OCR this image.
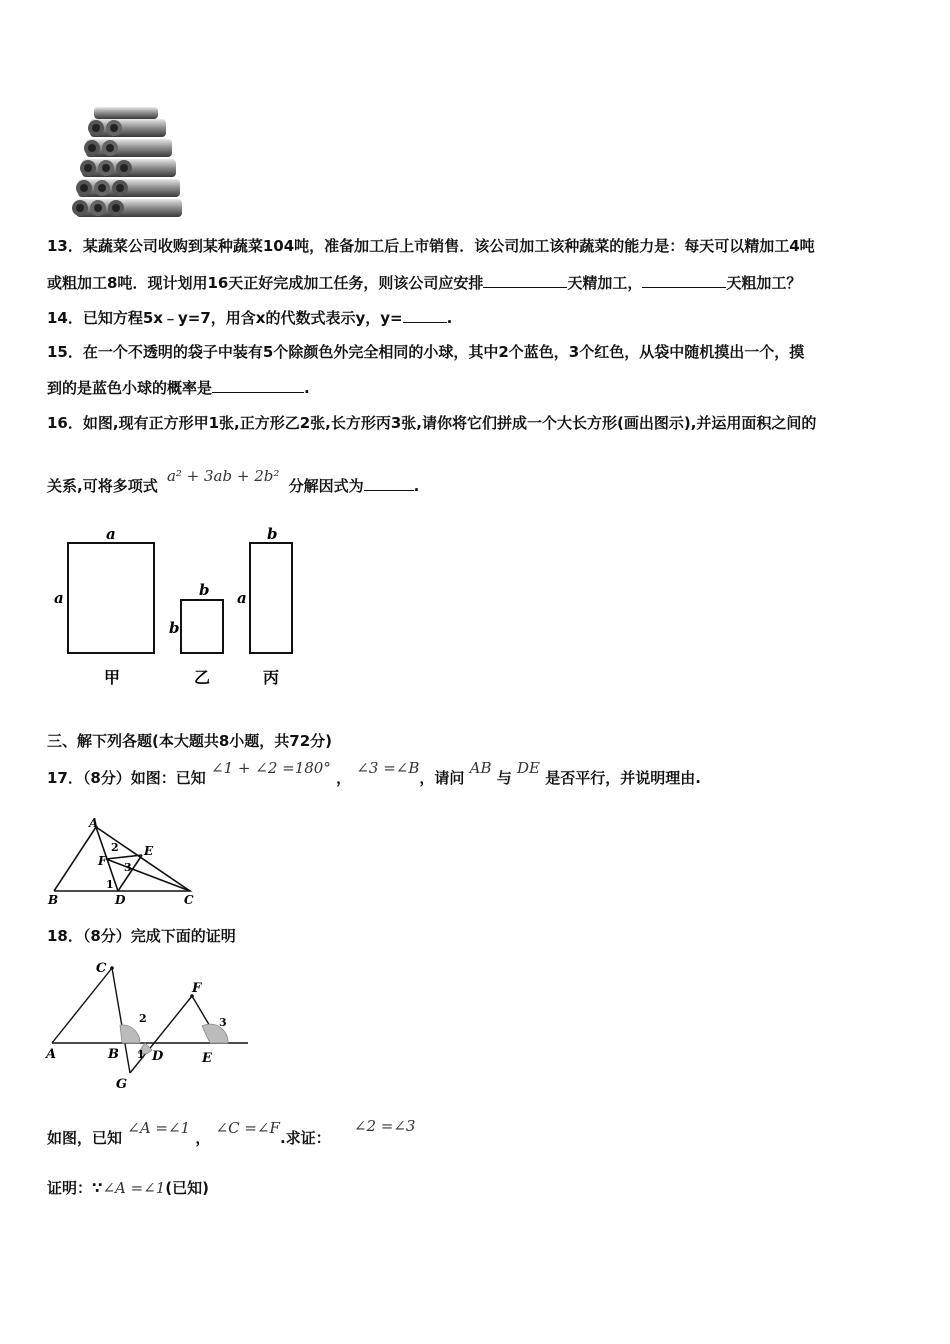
13．某蔬菜公司收购到某种蔬菜104吨，准备加工后上市销售．该公司加工该种蔬菜的能力是：每天可以精加工4吨
或粗加工8吨．现计划用16天正好完成加工任务，则该公司应安排	天精加工，	天粗加工？
14．已知方程5x﹣y=7，用含x的代数式表示y，y=	.
15．在一个不透明的袋子中装有5个除颜色外完全相同的小球，其中2个蓝色，3个红色，从袋中随机摸出一个，摸
到的是蓝色小球的概率是	.
16．如图,现有正方形甲1张,正方形乙2张,长方形丙3张,请你将它们拼成一个大长方形(画出图示),并运用面积之间的
关系,可将多项式 a² + 3ab + 2b² 分解因式为	.
a
a	b
b
b
a
甲	乙	丙
三、解下列各题(本大题共8小题，共72分)
17．（8分）如图：已知 ∠1 + ∠2 =180° ， ∠3 =∠B，请问 AB 与 DE 是否平行，并说明理由.
A
B	C
D
E
F
1
2
3
18．（8分）完成下面的证明
A	B
C
D	E
F
G
1
2	3
如图，已知 ∠A =∠1 ， ∠C =∠F.求证： ∠2 =∠3
证明：∵∠A =∠1(已知)
